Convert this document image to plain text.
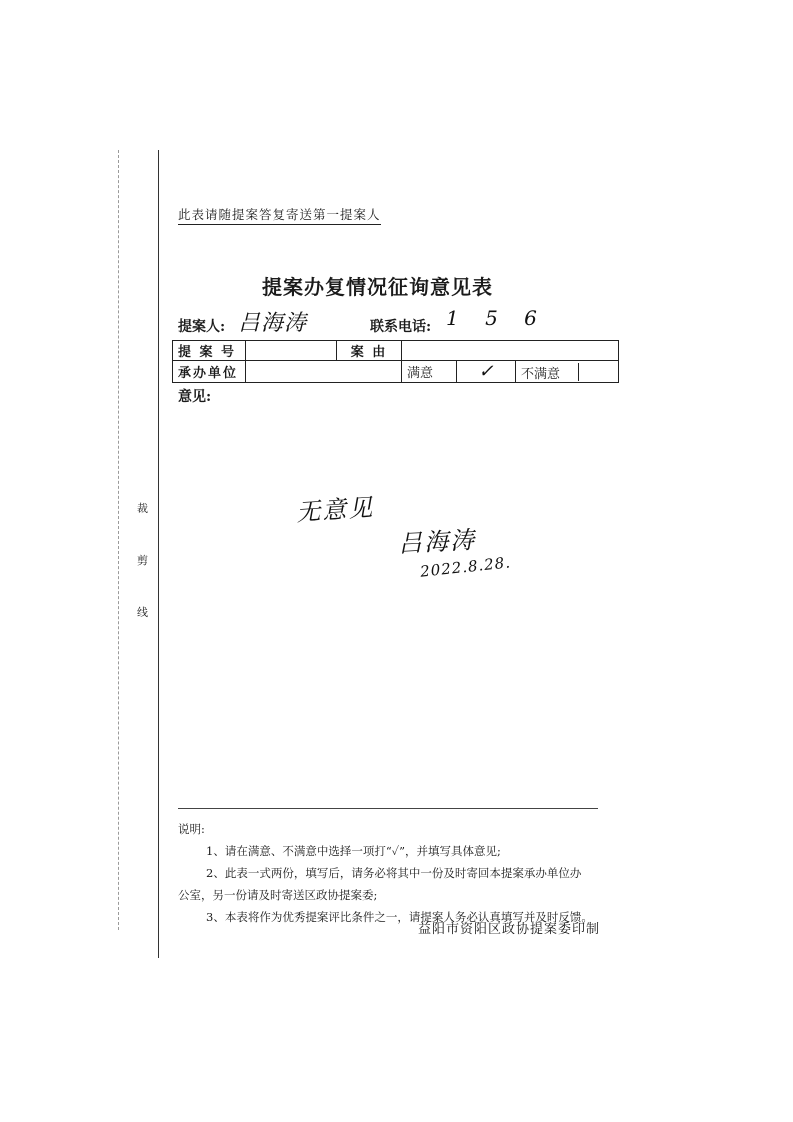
裁
剪
线
此表请随提案答复寄送第一提案人
提案办复情况征询意见表
提案人: 吕海涛	联系电话: 1 5 6
提 案 号		案 由			
承办单位			满意	✓	不满意
意见:
无意见
吕海涛
2022.8.28.

说明:

1、请在满意、不满意中选择一项打“✓”，并填写具体意见;

2、此表一式两份，填写后，请务必将其中一份及时寄回本提案承办单位办

公室，另一份请及时寄送区政协提案委;

3、本表将作为优秀提案评比条件之一，请提案人务必认真填写并及时反馈。

益阳市资阳区政协提案委印制
